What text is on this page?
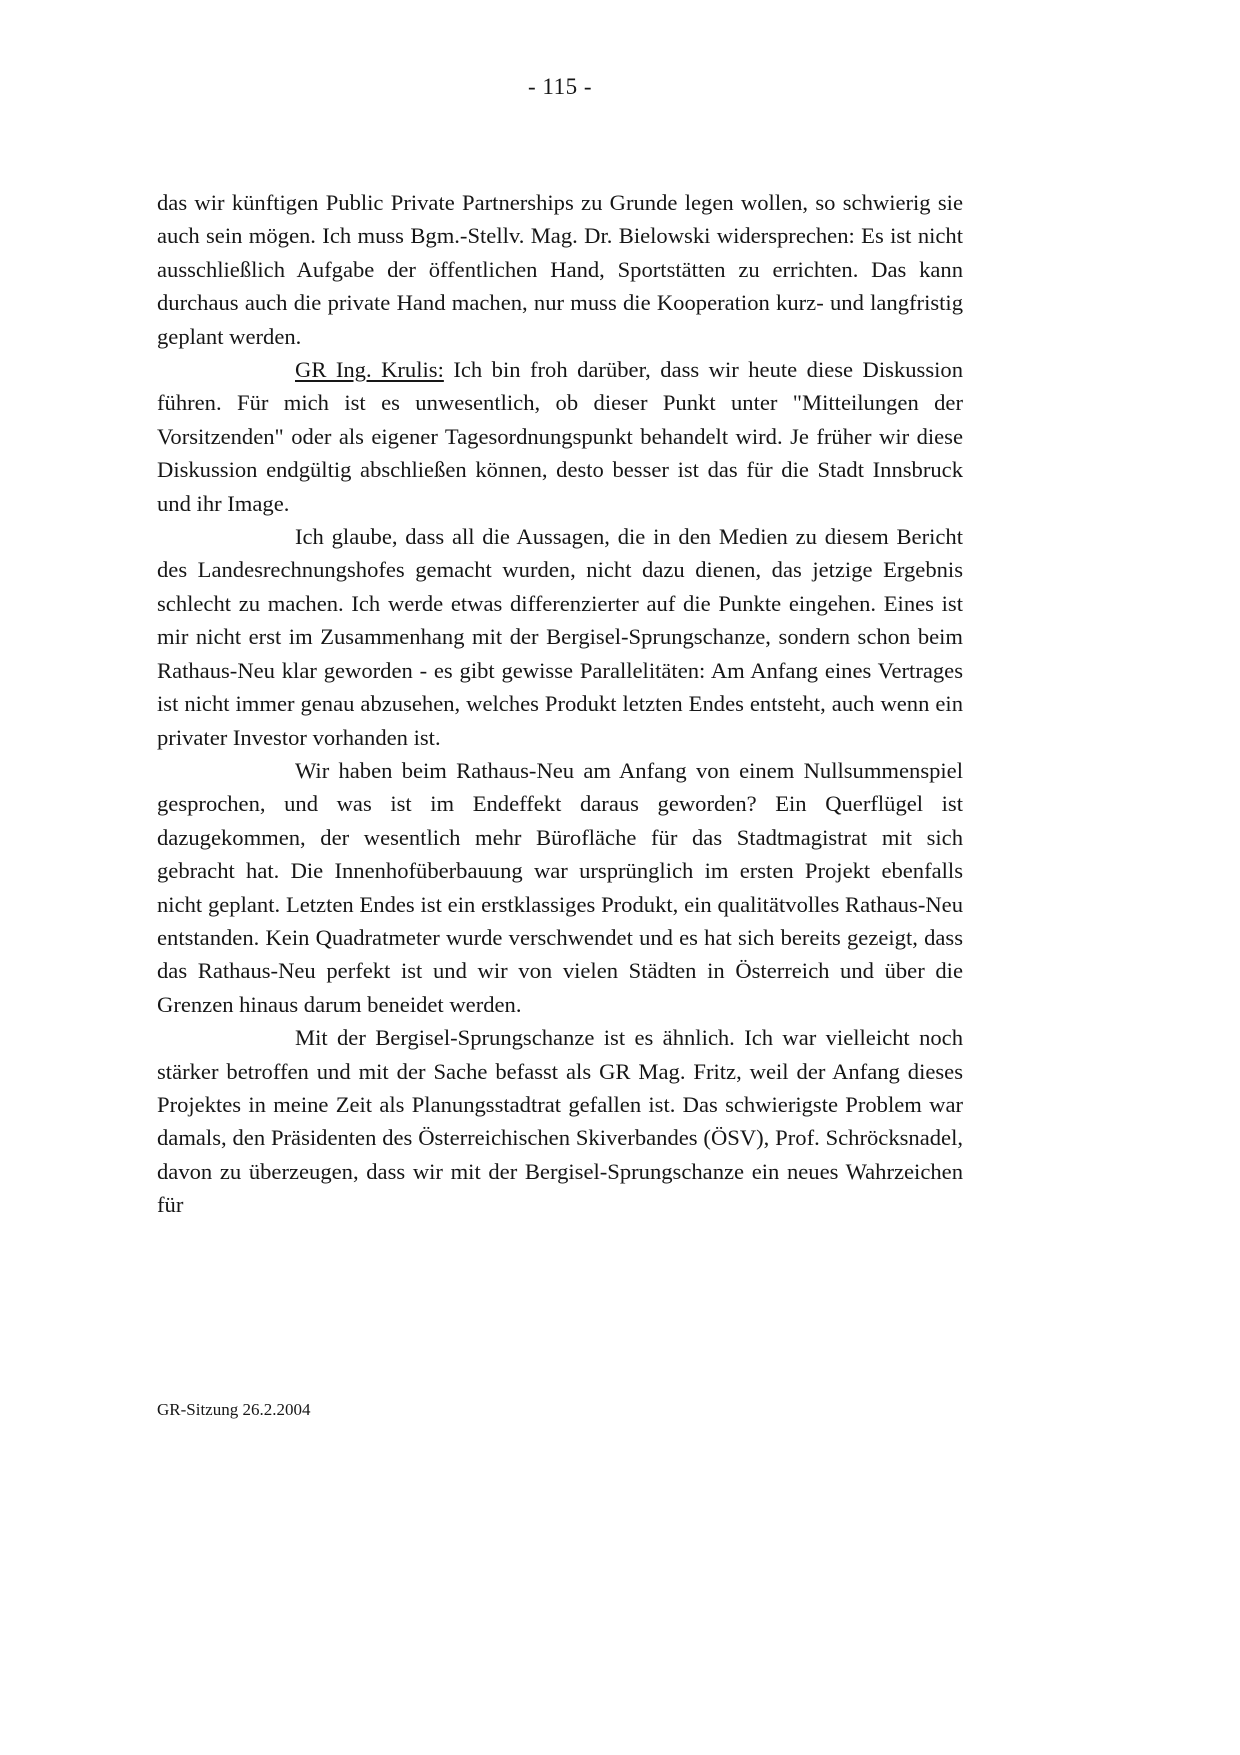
- 115 -

das wir künftigen Public Private Partnerships zu Grunde legen wollen, so schwierig sie auch sein mögen. Ich muss Bgm.-Stellv. Mag. Dr. Bielowski widersprechen: Es ist nicht ausschließlich Aufgabe der öffentlichen Hand, Sportstätten zu errichten. Das kann durchaus auch die private Hand machen, nur muss die Kooperation kurz- und langfristig geplant werden.

GR Ing. Krulis: Ich bin froh darüber, dass wir heute diese Diskussion führen. Für mich ist es unwesentlich, ob dieser Punkt unter "Mitteilungen der Vorsitzenden" oder als eigener Tagesordnungspunkt behandelt wird. Je früher wir diese Diskussion endgültig abschließen können, desto besser ist das für die Stadt Innsbruck und ihr Image.

Ich glaube, dass all die Aussagen, die in den Medien zu diesem Bericht des Landesrechnungshofes gemacht wurden, nicht dazu dienen, das jetzige Ergebnis schlecht zu machen. Ich werde etwas differenzierter auf die Punkte eingehen. Eines ist mir nicht erst im Zusammenhang mit der Bergisel-Sprungschanze, sondern schon beim Rathaus-Neu klar geworden - es gibt gewisse Parallelitäten: Am Anfang eines Vertrages ist nicht immer genau abzusehen, welches Produkt letzten Endes entsteht, auch wenn ein privater Investor vorhanden ist.

Wir haben beim Rathaus-Neu am Anfang von einem Nullsummenspiel gesprochen, und was ist im Endeffekt daraus geworden? Ein Querflügel ist dazugekommen, der wesentlich mehr Bürofläche für das Stadtmagistrat mit sich gebracht hat. Die Innenhofüberbauung war ursprünglich im ersten Projekt ebenfalls nicht geplant. Letzten Endes ist ein erstklassiges Produkt, ein qualitätvolles Rathaus-Neu entstanden. Kein Quadratmeter wurde verschwendet und es hat sich bereits gezeigt, dass das Rathaus-Neu perfekt ist und wir von vielen Städten in Österreich und über die Grenzen hinaus darum beneidet werden.

Mit der Bergisel-Sprungschanze ist es ähnlich. Ich war vielleicht noch stärker betroffen und mit der Sache befasst als GR Mag. Fritz, weil der Anfang dieses Projektes in meine Zeit als Planungsstadtrat gefallen ist. Das schwierigste Problem war damals, den Präsidenten des Österreichischen Skiverbandes (ÖSV), Prof. Schröcksnadel, davon zu überzeugen, dass wir mit der Bergisel-Sprungschanze ein neues Wahrzeichen für

GR-Sitzung 26.2.2004
